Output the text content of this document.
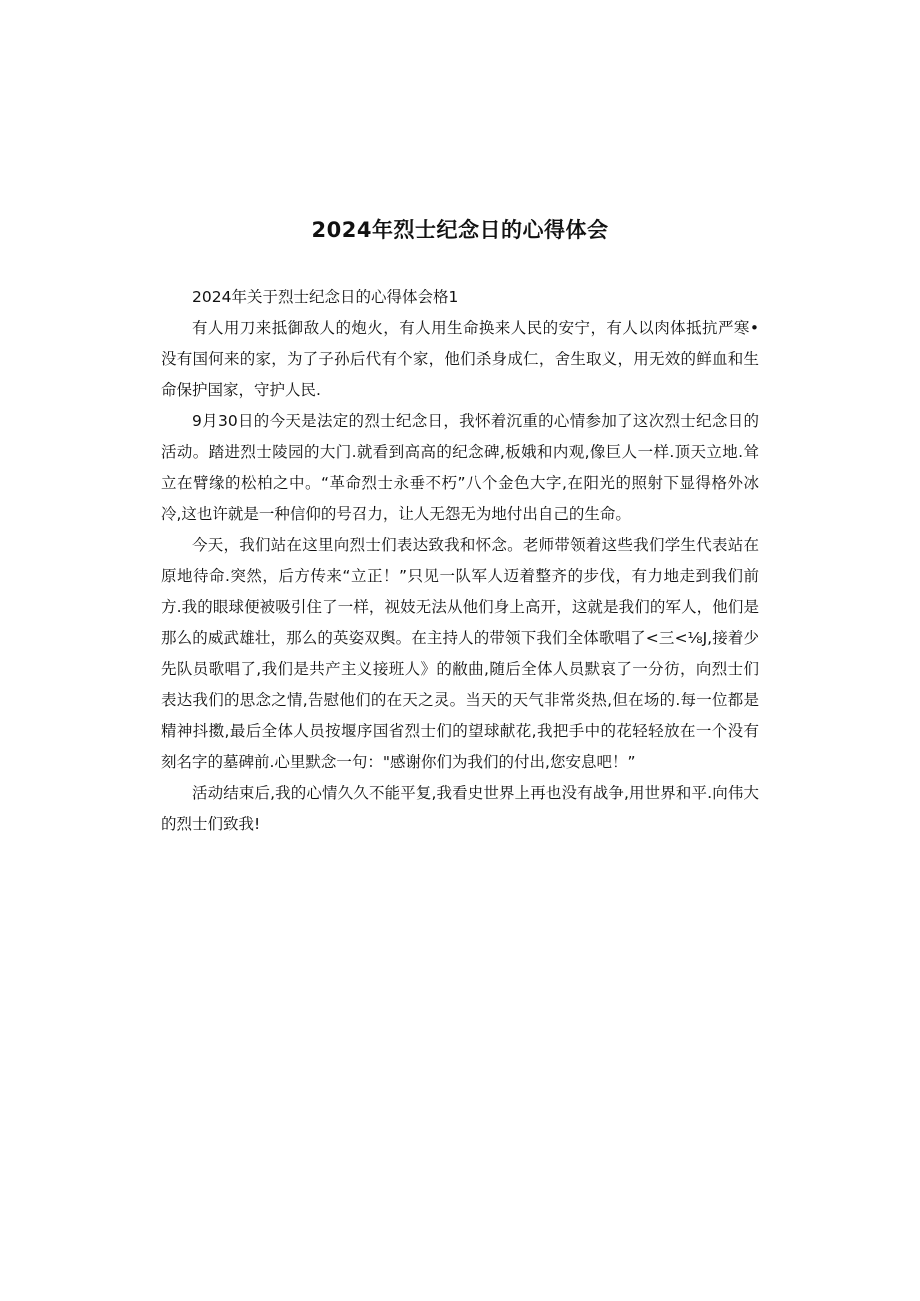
2024年烈士纪念日的心得体会

2024年关于烈士纪念日的心得体会格1

有人用刀来抵御敌人的炮火，有人用生命换来人民的安宁，有人以肉体抵抗严寒•没有国何来的家，为了子孙后代有个家，他们杀身成仁，舍生取义，用无效的鲜血和生命保护国家，守护人民.

9月30日的今天是法定的烈士纪念日，我怀着沉重的心情参加了这次烈士纪念日的活动。踏进烈士陵园的大门.就看到高高的纪念碑,板娥和内观,像巨人一样.顶天立地.耸立在臂缘的松柏之中。“革命烈士永垂不朽”八个金色大字,在阳光的照射下显得格外冰冷,这也许就是一种信仰的号召力，让人无怨无为地付出自己的生命。

今天，我们站在这里向烈士们表达致我和怀念。老师带领着这些我们学生代表站在原地待命.突然，后方传来“立正！”只见一队军人迈着整齐的步伐，有力地走到我们前方.我的眼球便被吸引住了一样，视妓无法从他们身上高开，这就是我们的军人，他们是那么的威武雄壮，那么的英姿双舆。在主持人的带领下我们全体歌唱了<三<⅛J,接着少先队员歌唱了,我们是共产主义接班人》的敝曲,随后全体人员默哀了一分彷，向烈士们表达我们的思念之情,告慰他们的在天之灵。当天的天气非常炎热,但在场的.每一位都是精神抖擞,最后全体人员按堰序国省烈士们的望球献花,我把手中的花轻轻放在一个没有刻名字的墓碑前.心里默念一句："感谢你们为我们的付出,您安息吧！”

活动结束后,我的心情久久不能平复,我看史世界上再也没有战争,用世界和平.向伟大的烈士们致我!
